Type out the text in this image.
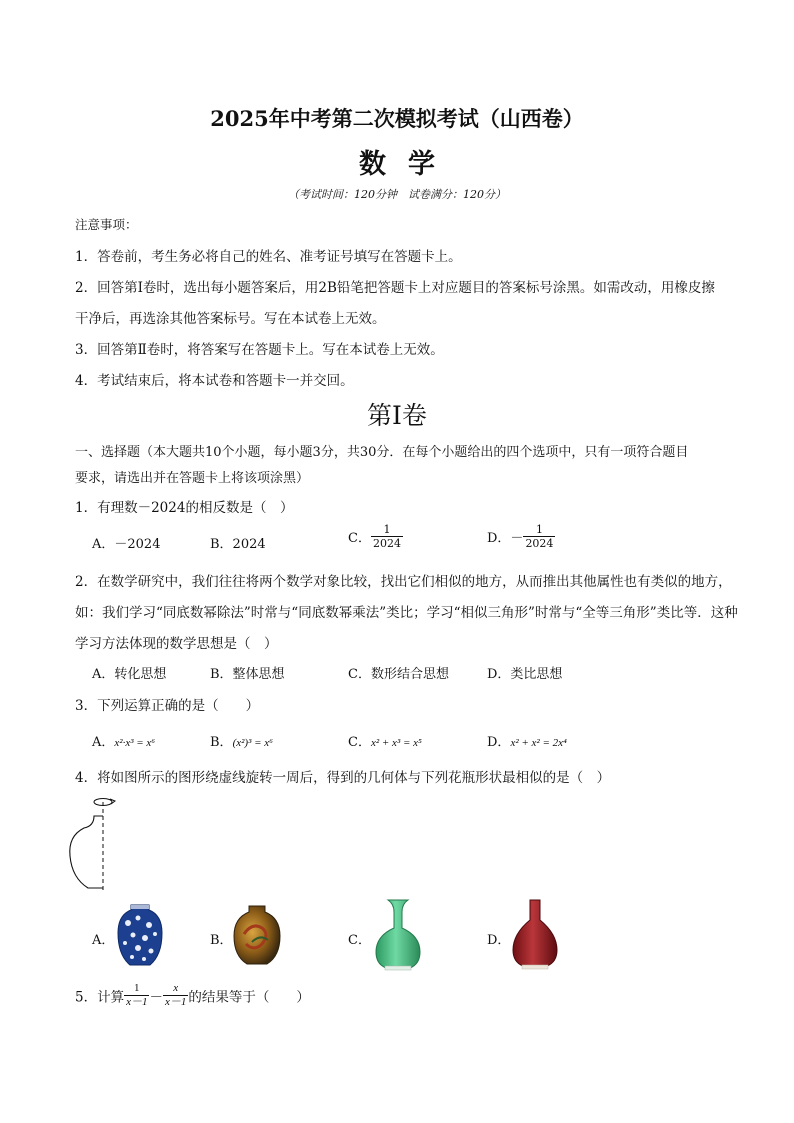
2025年中考第二次模拟考试（山西卷）
数学
（考试时间：120分钟　试卷满分：120分）
注意事项：
1．答卷前，考生务必将自己的姓名、准考证号填写在答题卡上。
2．回答第Ⅰ卷时，选出每小题答案后，用2B铅笔把答题卡上对应题目的答案标号涂黑。如需改动，用橡皮擦
干净后，再选涂其他答案标号。写在本试卷上无效。
3．回答第Ⅱ卷时，将答案写在答题卡上。写在本试卷上无效。
4．考试结束后，将本试卷和答题卡一并交回。
第Ⅰ卷
一、选择题（本大题共10个小题，每小题3分，共30分．在每个小题给出的四个选项中，只有一项符合题目
要求，请选出并在答题卡上将该项涂黑）
1．有理数－2024的相反数是（　）
A．－2024	B．2024	C． $\frac{1}{2024}$	D．－ $\frac{1}{2024}$
2．在数学研究中，我们往往将两个数学对象比较，找出它们相似的地方，从而推出其他属性也有类似的地方，
如：我们学习“同底数幂除法”时常与“同底数幂乘法”类比；学习“相似三角形”时常与“全等三角形”类比等．这种
学习方法体现的数学思想是（　）
A．转化思想	B．整体思想	C．数形结合思想	D．类比思想
3．下列运算正确的是（　　）
A．x²·x³ = x⁶	B．(x²)³ = x⁶	C．x² + x³ = x⁵	D．x² + x² = 2x⁴
4．将如图所示的图形绕虚线旋转一周后，得到的几何体与下列花瓶形状最相似的是（　）
A．	B．	C．	D．
5．计算 $\frac{1}{x-1} - \frac{x}{x-1}$ 的结果等于（　　）
